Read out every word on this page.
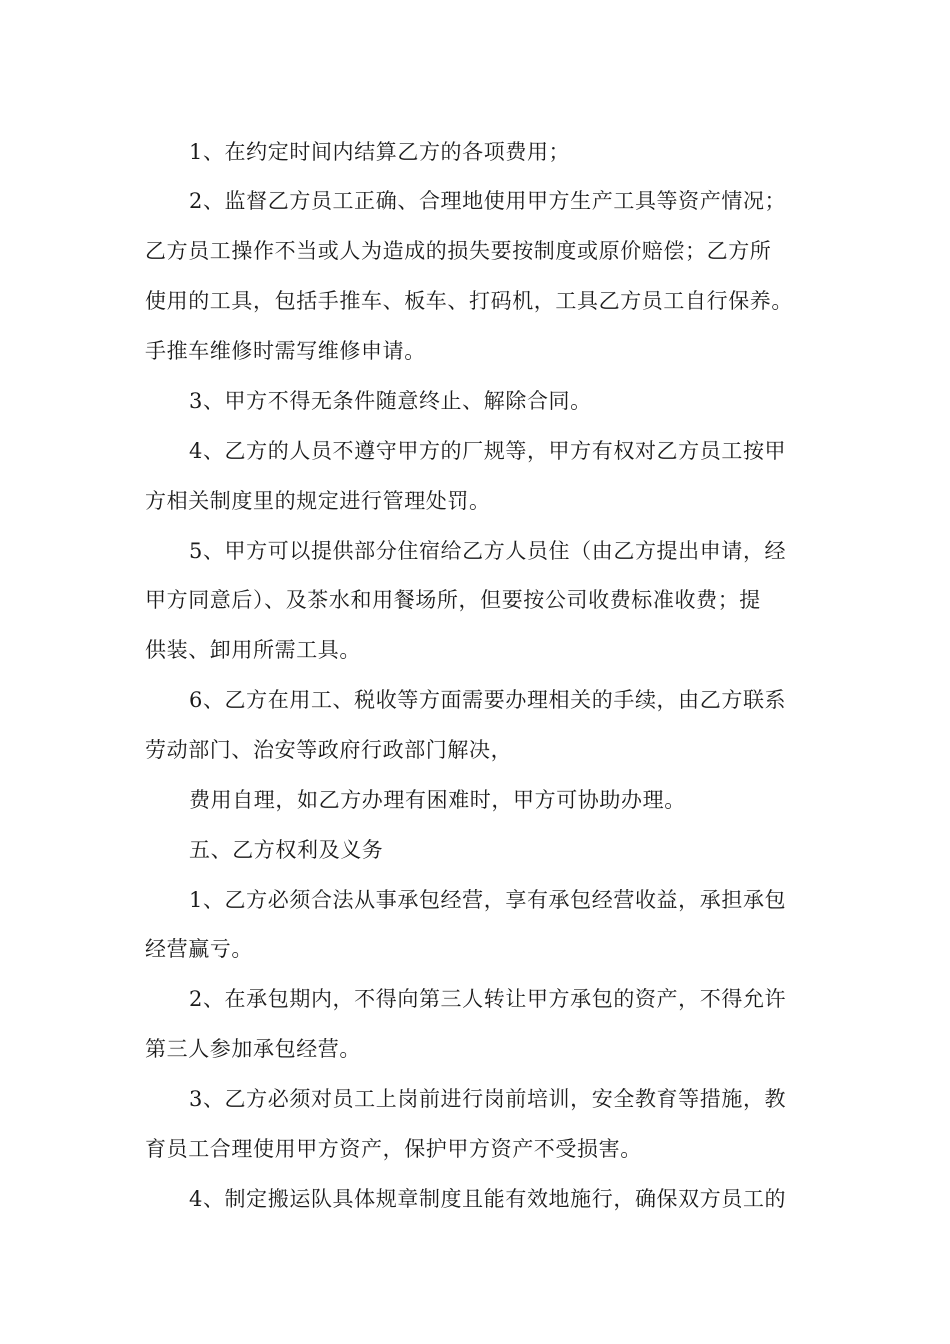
1、在约定时间内结算乙方的各项费用；

2、监督乙方员工正确、合理地使用甲方生产工具等资产情况；

乙方员工操作不当或人为造成的损失要按制度或原价赔偿；乙方所

使用的工具，包括手推车、板车、打码机，工具乙方员工自行保养。

手推车维修时需写维修申请。

3、甲方不得无条件随意终止、解除合同。

4、乙方的人员不遵守甲方的厂规等，甲方有权对乙方员工按甲

方相关制度里的规定进行管理处罚。

5、甲方可以提供部分住宿给乙方人员住（由乙方提出申请，经

甲方同意后）、及茶水和用餐场所，但要按公司收费标准收费；提

供装、卸用所需工具。

6、乙方在用工、税收等方面需要办理相关的手续，由乙方联系

劳动部门、治安等政府行政部门解决，

费用自理，如乙方办理有困难时，甲方可协助办理。

五、乙方权利及义务

1、乙方必须合法从事承包经营，享有承包经营收益，承担承包

经营赢亏。

2、在承包期内，不得向第三人转让甲方承包的资产，不得允许

第三人参加承包经营。

3、乙方必须对员工上岗前进行岗前培训，安全教育等措施，教

育员工合理使用甲方资产，保护甲方资产不受损害。

4、制定搬运队具体规章制度且能有效地施行，确保双方员工的
